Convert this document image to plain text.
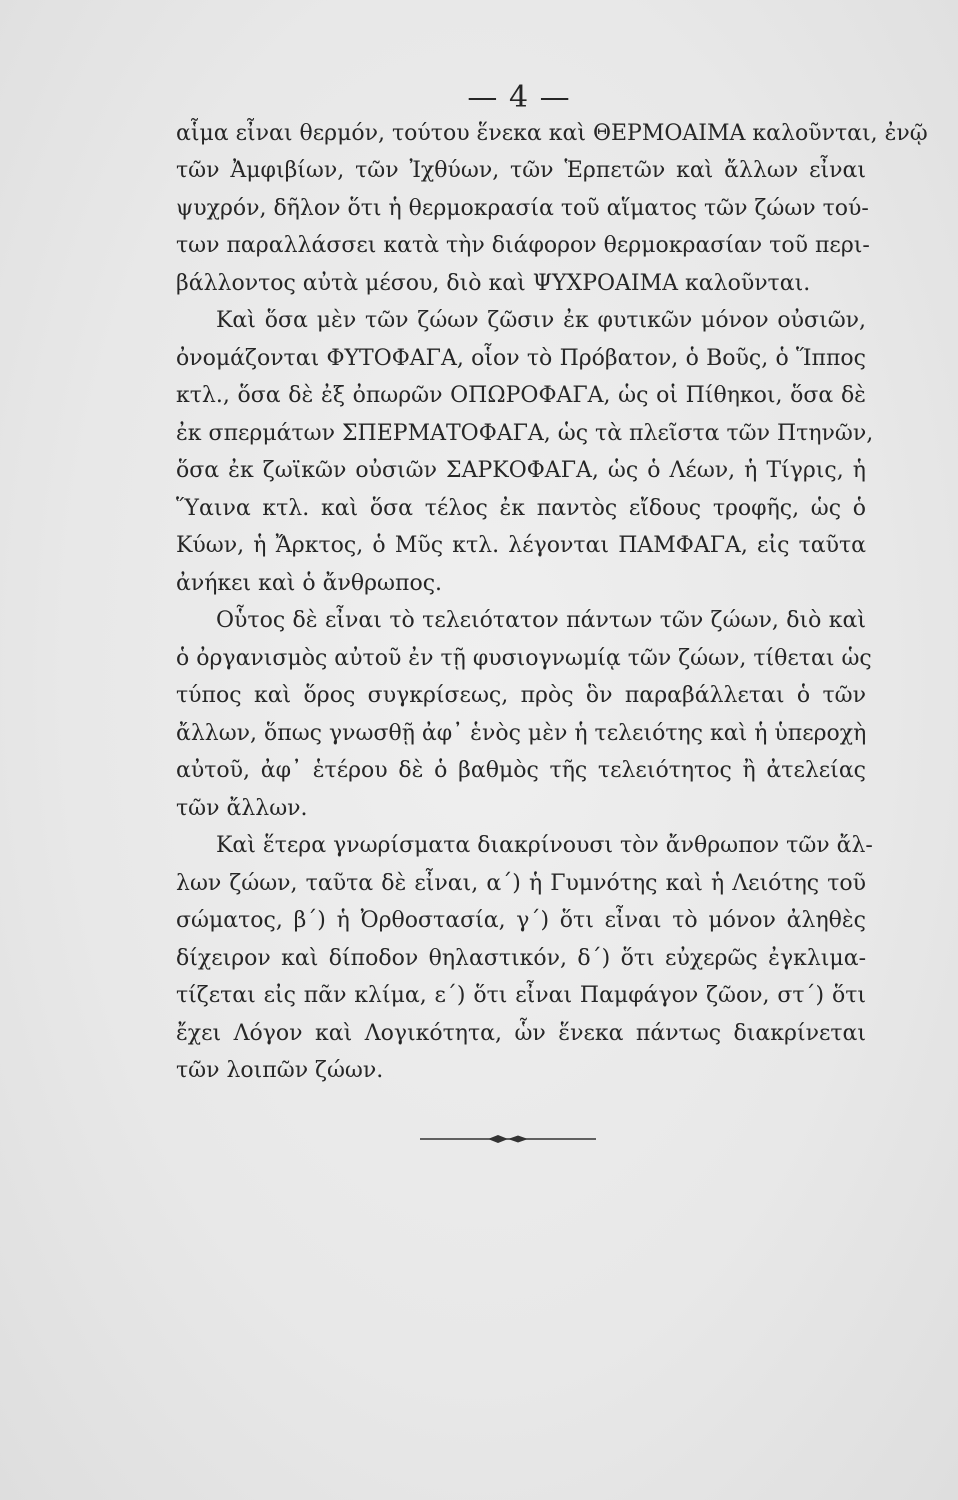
— 4 —
αἷμα εἶναι θερμόν, τούτου ἕνεκα καὶ ΘΕΡΜΟΑΙΜΑ καλοῦνται, ἐνῷ
τῶν Ἀμφιβίων, τῶν Ἰχθύων, τῶν Ἑρπετῶν καὶ ἄλλων εἶναι
ψυχρόν, δῆλον ὅτι ἡ θερμοκρασία τοῦ αἵματος τῶν ζώων τού-
των παραλλάσσει κατὰ τὴν διάφορον θερμοκρασίαν τοῦ περι-
βάλλοντος αὐτὰ μέσου, διὸ καὶ ΨΥΧΡΟΑΙΜΑ καλοῦνται.
Καὶ ὅσα μὲν τῶν ζώων ζῶσιν ἐκ φυτικῶν μόνον οὐσιῶν,
ὀνομάζονται ΦΥΤΟΦΑΓΑ, οἷον τὸ Πρόβατον, ὁ Βοῦς, ὁ Ἵππος
κτλ., ὅσα δὲ ἐξ ὀπωρῶν ΟΠΩΡΟΦΑΓΑ, ὡς οἱ Πίθηκοι, ὅσα δὲ
ἐκ σπερμάτων ΣΠΕΡΜΑΤΟΦΑΓΑ, ὡς τὰ πλεῖστα τῶν Πτηνῶν,
ὅσα ἐκ ζωϊκῶν οὐσιῶν ΣΑΡΚΟΦΑΓΑ, ὡς ὁ Λέων, ἡ Τίγρις, ἡ
Ὕαινα κτλ. καὶ ὅσα τέλος ἐκ παντὸς εἴδους τροφῆς, ὡς ὁ
Κύων, ἡ Ἄρκτος, ὁ Μῦς κτλ. λέγονται ΠΑΜΦΑΓΑ, εἰς ταῦτα
ἀνήκει καὶ ὁ ἄνθρωπος.
Οὗτος δὲ εἶναι τὸ τελειότατον πάντων τῶν ζώων, διὸ καὶ
ὁ ὀργανισμὸς αὐτοῦ ἐν τῇ φυσιογνωμίᾳ τῶν ζώων, τίθεται ὡς
τύπος καὶ ὅρος συγκρίσεως, πρὸς ὃν παραβάλλεται ὁ τῶν
ἄλλων, ὅπως γνωσθῇ ἀφ᾿ ἑνὸς μὲν ἡ τελειότης καὶ ἡ ὑπεροχὴ
αὐτοῦ, ἀφ᾿ ἑτέρου δὲ ὁ βαθμὸς τῆς τελειότητος ἢ ἀτελείας
τῶν ἄλλων.
Καὶ ἕτερα γνωρίσματα διακρίνουσι τὸν ἄνθρωπον τῶν ἄλ-
λων ζώων, ταῦτα δὲ εἶναι, α΄) ἡ Γυμνότης καὶ ἡ Λειότης τοῦ
σώματος, β΄) ἡ Ὀρθοστασία, γ΄) ὅτι εἶναι τὸ μόνον ἀληθὲς
δίχειρον καὶ δίποδον θηλαστικόν, δ΄) ὅτι εὐχερῶς ἐγκλιμα-
τίζεται εἰς πᾶν κλίμα, ε΄) ὅτι εἶναι Παμφάγον ζῶον, στ΄) ὅτι
ἔχει Λόγον καὶ Λογικότητα, ὧν ἕνεκα πάντως διακρίνεται
τῶν λοιπῶν ζώων.
